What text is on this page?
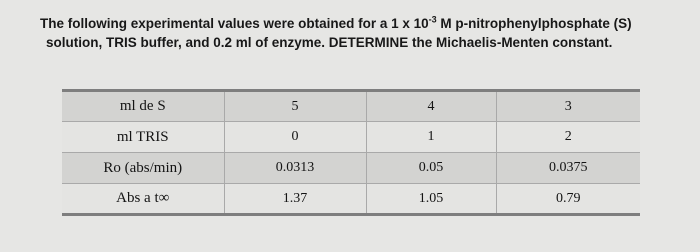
The following experimental values were obtained for a 1 x $10^{-3}$ M p-nitrophenylphosphate (S)
solution, TRIS buffer, and 0.2 ml of enzyme. DETERMINE the Michaelis-Menten constant.
ml de S	5	4	3
ml TRIS	0	1	2
Ro (abs/min)	0.0313	0.05	0.0375
Abs a t∞	1.37	1.05	0.79
